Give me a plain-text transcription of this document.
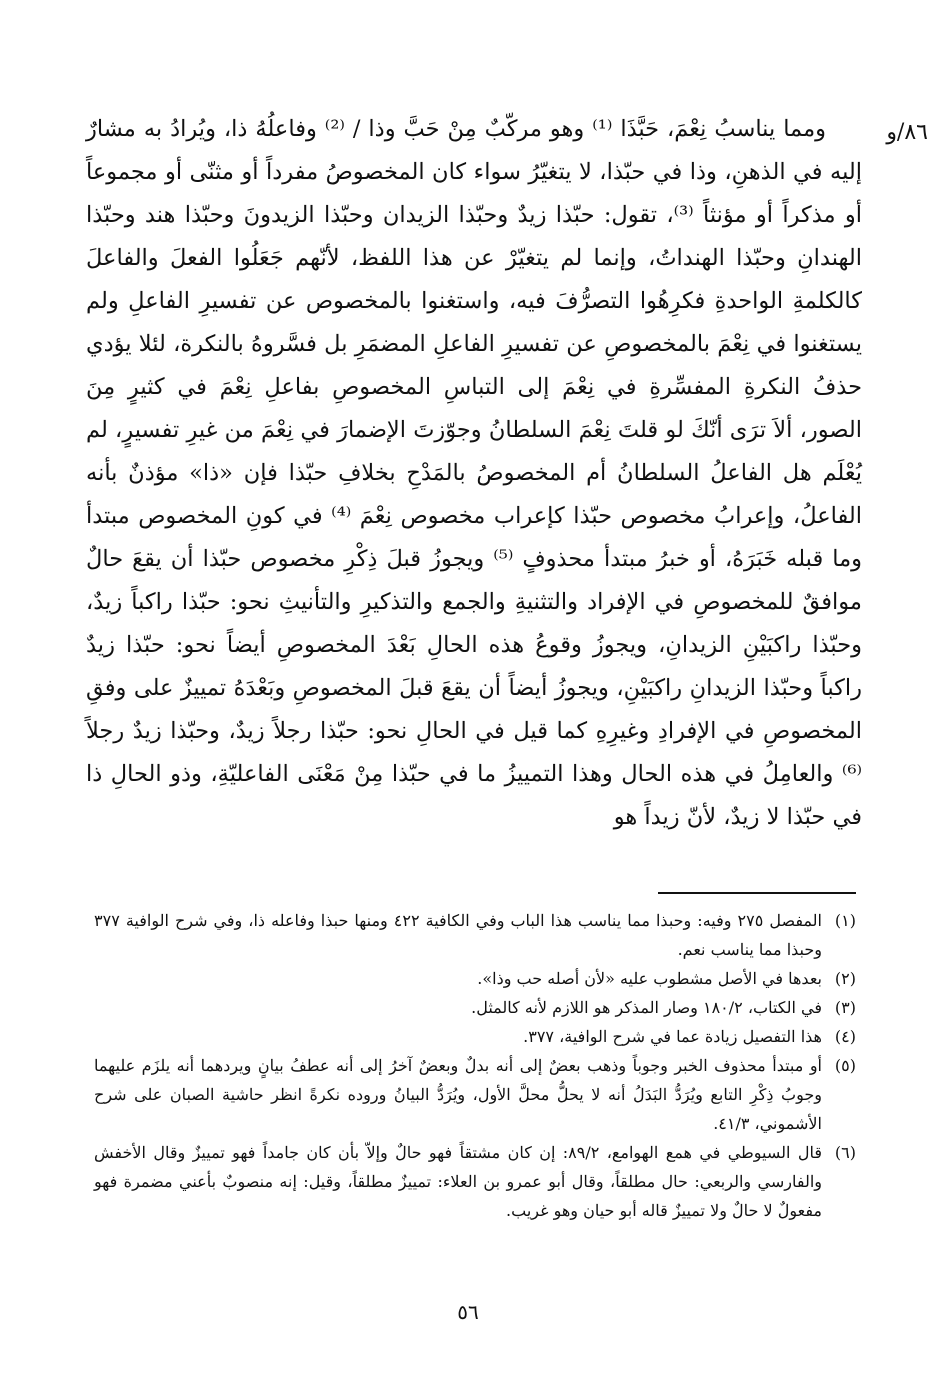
٨٦/و

ومما يناسبُ نِعْمَ، حَبَّذَا ⁽¹⁾ وهو مركّبٌ مِنْ حَبَّ وذا / ⁽²⁾ وفاعلُهُ ذا، ويُرادُ به مشارٌ إليه في الذهنِ، وذا في حبّذا، لا يتغيّرُ سواء كان المخصوصُ مفرداً أو مثنّى أو مجموعاً أو مذكراً أو مؤنثاً ⁽³⁾، تقول: حبّذا زيدٌ وحبّذا الزيدان وحبّذا الزيدونَ وحبّذا هند وحبّذا الهندانِ وحبّذا الهنداتُ، وإنما لم يتغيّرْ عن هذا اللفظ، لأنّهم جَعَلُوا الفعلَ والفاعلَ كالكلمةِ الواحدةِ فكرِهُوا التصرُّفَ فيه، واستغنوا بالمخصوص عن تفسيرِ الفاعلِ ولم يستغنوا في نِعْمَ بالمخصوصِ عن تفسيرِ الفاعلِ المضمَرِ بل فسَّروهُ بالنكرة، لئلا يؤدي حذفُ النكرةِ المفسِّرةِ في نِعْمَ إلى التباسِ المخصوصِ بفاعلِ نِعْمَ في كثيرٍ مِنَ الصور، ألاَ ترَى أنّكَ لو قلتَ نِعْمَ السلطانُ وجوّزتَ الإضمارَ في نِعْمَ من غيرِ تفسيرٍ، لم يُعْلَم هل الفاعلُ السلطانُ أم المخصوصُ بالمَدْحِ بخلافِ حبّذا فإن «ذا» مؤذنٌ بأنه الفاعلُ، وإعرابُ مخصوص حبّذا كإعراب مخصوص نِعْمَ ⁽⁴⁾ في كونِ المخصوص مبتدأ وما قبله خَبَرَهُ، أو خبرُ مبتدأ محذوفٍ ⁽⁵⁾ ويجوزُ قبلَ ذِكْرِ مخصوص حبّذا أن يقعَ حالٌ موافقٌ للمخصوصِ في الإفراد والتثنيةِ والجمع والتذكيرِ والتأنيثِ نحو: حبّذا راكباً زيدٌ، وحبّذا راكبَيْنِ الزيدانِ، ويجوزُ وقوعُ هذه الحالِ بَعْدَ المخصوصِ أيضاً نحو: حبّذا زيدٌ راكباً وحبّذا الزيدانِ راكبَيْنِ، ويجوزُ أيضاً أن يقعَ قبلَ المخصوصِ وبَعْدَهُ تمييزٌ على وفقِ المخصوصِ في الإفرادِ وغيرِهِ كما قيل في الحالِ نحو: حبّذا رجلاً زيدٌ، وحبّذا زيدٌ رجلاً ⁽⁶⁾ والعامِلُ في هذه الحال وهذا التمييزُ ما في حبّذا مِنْ مَعْنَى الفاعليّةِ، وذو الحالِ ذا في حبّذا لا زيدٌ، لأنّ زيداً هو

(١)
المفصل ٢٧٥ وفيه: وحبذا مما يناسب هذا الباب وفي الكافية ٤٢٢ ومنها حبذا وفاعله ذا، وفي شرح الوافية ٣٧٧ وحبذا مما يناسب نعم.
(٢)
بعدها في الأصل مشطوب عليه «لأن أصله حب وذا».
(٣)
في الكتاب، ١٨٠/٢ وصار المذكر هو اللازم لأنه كالمثل.
(٤)
هذا التفصيل زيادة عما في شرح الوافية، ٣٧٧.
(٥)
أو مبتدأ محذوف الخبر وجوباً وذهب بعضٌ إلى أنه بدلٌ وبعضٌ آخرُ إلى أنه عطفُ بيانٍ ويردهما أنه يلزَم عليهما وجوبُ ذِكْرِ التابع ويُرَدُّ البَدَلُ أنه لا يحلُّ محلَّ الأول، ويُرَدُّ البيانُ وروده نكرةً انظر حاشية الصبان على شرح الأشموني، ٤١/٣.
(٦)
قال السيوطي في همع الهوامع، ٨٩/٢: إن كان مشتقاً فهو حالٌ وإلاّ بأن كان جامداً فهو تمييزٌ وقال الأخفش والفارسي والربعي: حال مطلقاً، وقال أبو عمرو بن العلاء: تمييزٌ مطلقاً، وقيل: إنه منصوبٌ بأعني مضمرة فهو مفعولٌ لا حالٌ ولا تمييزٌ قاله أبو حيان وهو غريب.
٥٦
